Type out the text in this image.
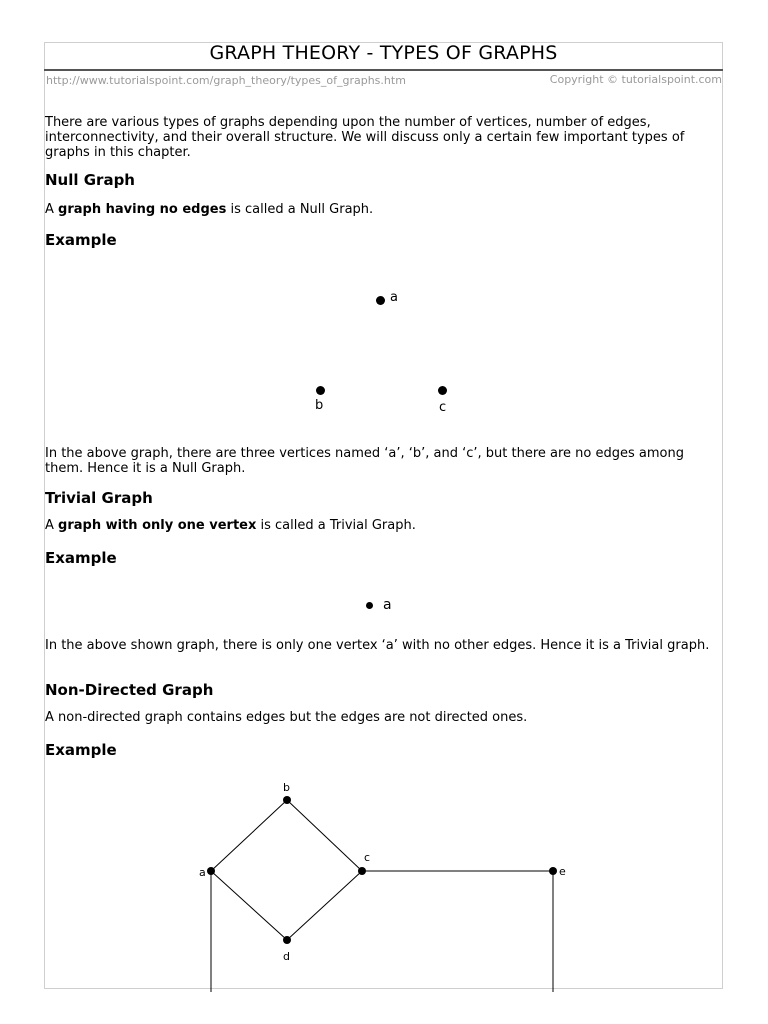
GRAPH THEORY - TYPES OF GRAPHS
http://www.tutorialspoint.com/graph_theory/types_of_graphs.htm	Copyright © tutorialspoint.com
There are various types of graphs depending upon the number of vertices, number of edges, interconnectivity, and their overall structure. We will discuss only a certain few important types of graphs in this chapter.
Null Graph
A graph having no edges is called a Null Graph.
Example
a
b	c
In the above graph, there are three vertices named ‘a’, ‘b’, and ‘c’, but there are no edges among them. Hence it is a Null Graph.
Trivial Graph
A graph with only one vertex is called a Trivial Graph.
Example
a
In the above shown graph, there is only one vertex ‘a’ with no other edges. Hence it is a Trivial graph.
Non-Directed Graph
A non-directed graph contains edges but the edges are not directed ones.
Example
a
b
c
d
e
